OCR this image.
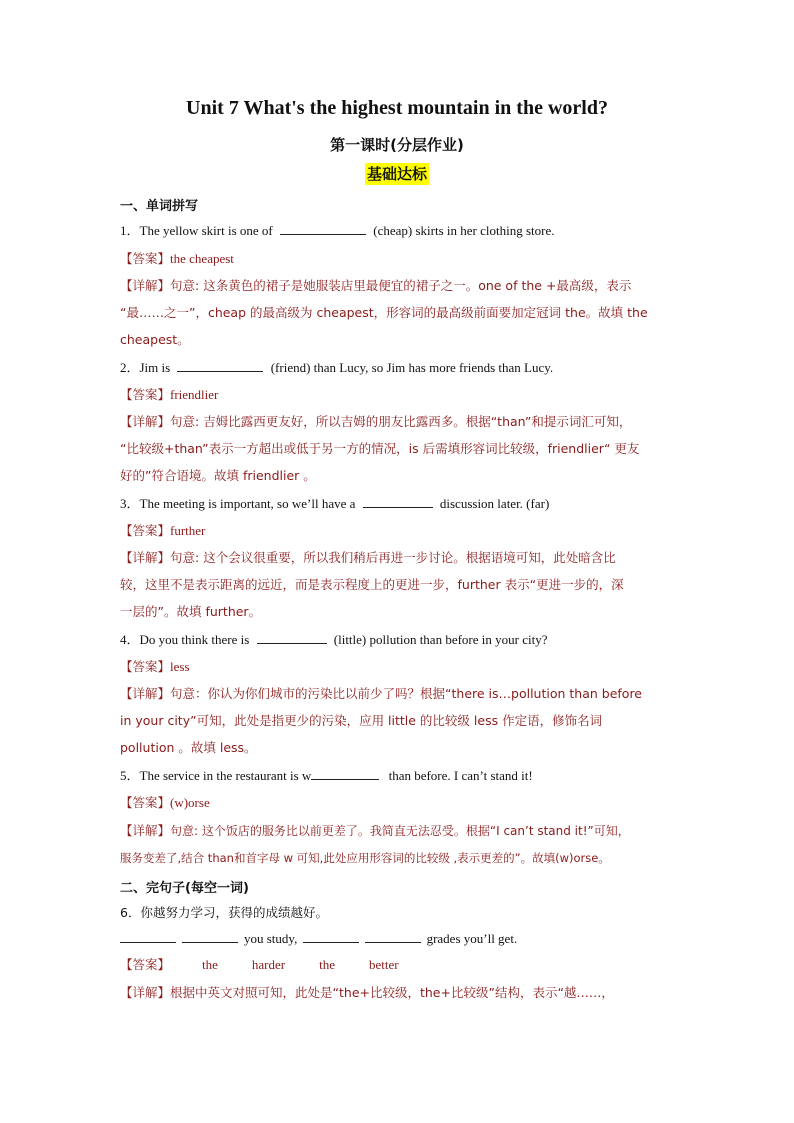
Unit 7 What's the highest mountain in the world?
第一课时(分层作业)
基础达标
一、单词拼写
1．The yellow skirt is one of	(cheap) skirts in her clothing store.
【答案】the cheapest
【详解】句意: 这条黄色的裙子是她服装店里最便宜的裙子之一。one of the +最高级，表示
“最……之一”，cheap 的最高级为 cheapest，形容词的最高级前面要加定冠词 the。故填 the
cheapest。
2．Jim is	(friend) than Lucy, so Jim has more friends than Lucy.
【答案】friendlier
【详解】句意: 吉姆比露西更友好，所以吉姆的朋友比露西多。根据“than”和提示词汇可知，
“比较级+than”表示一方超出或低于另一方的情况，is 后需填形容词比较级，friendlier“ 更友
好的”符合语境。故填 friendlier 。
3．The meeting is important, so we’ll have a	discussion later. (far)
【答案】further
【详解】句意: 这个会议很重要，所以我们稍后再进一步讨论。根据语境可知，此处暗含比
较，这里不是表示距离的远近，而是表示程度上的更进一步，further 表示“更进一步的，深
一层的”。故填 further。
4．Do you think there is	(little) pollution than before in your city?
【答案】less
【详解】句意：你认为你们城市的污染比以前少了吗？根据“there is…pollution than before
in your city”可知，此处是指更少的污染，应用 little 的比较级 less 作定语，修饰名词
pollution 。故填 less。
5．The service in the restaurant is w	than before. I can’t stand it!
【答案】(w)orse
【详解】句意: 这个饭店的服务比以前更差了。我简直无法忍受。根据“I can’t stand it!”可知，
服务变差了,结合 than和首字母 w 可知,此处应用形容词的比较级 ,表示更差的”。故填(w)orse。
二、完句子(每空一词)
6．你越努力学习，获得的成绩越好。
you study,	grades you’ll get.
【答案】 the	harder	the	better
【详解】根据中英文对照可知，此处是“the+比较级，the+比较级”结构，表示“越……，
